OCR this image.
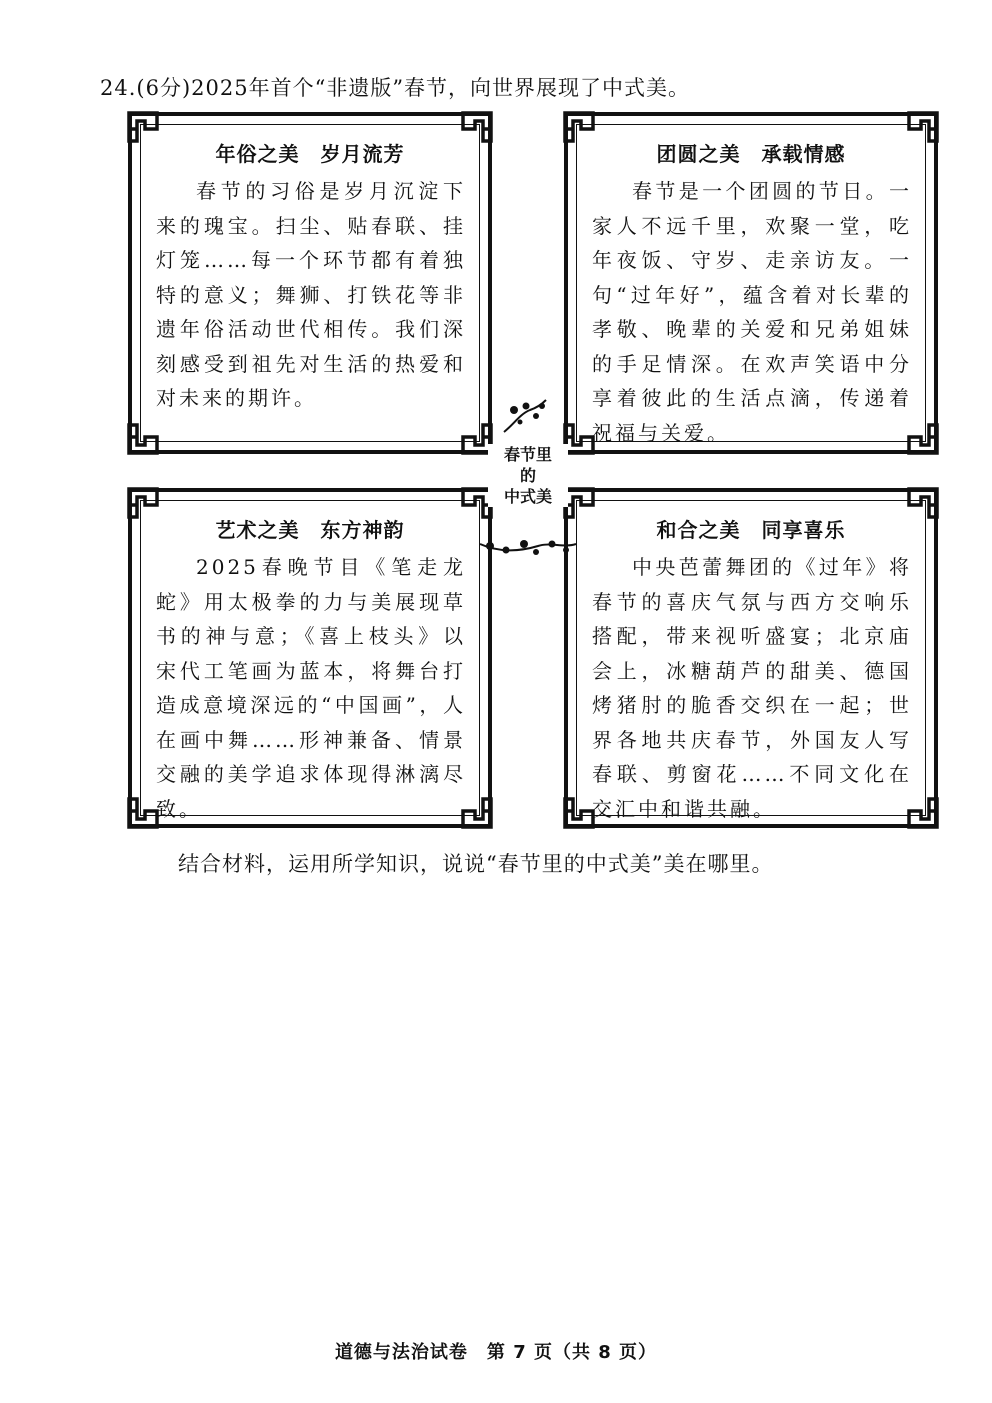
24.(6分)2025年首个“非遗版”春节，向世界展现了中式美。
年俗之美　岁月流芳
春节的习俗是岁月沉淀下来的瑰宝。扫尘、贴春联、挂灯笼……每一个环节都有着独特的意义；舞狮、打铁花等非遗年俗活动世代相传。我们深刻感受到祖先对生活的热爱和对未来的期许。
团圆之美　承载情感
春节是一个团圆的节日。一家人不远千里，欢聚一堂，吃年夜饭、守岁、走亲访友。一句“过年好”，蕴含着对长辈的孝敬、晚辈的关爱和兄弟姐妹的手足情深。在欢声笑语中分享着彼此的生活点滴，传递着祝福与关爱。
艺术之美　东方神韵
2025春晚节目《笔走龙蛇》用太极拳的力与美展现草书的神与意；《喜上枝头》以宋代工笔画为蓝本，将舞台打造成意境深远的“中国画”，人在画中舞……形神兼备、情景交融的美学追求体现得淋漓尽致。
和合之美　同享喜乐
中央芭蕾舞团的《过年》将春节的喜庆气氛与西方交响乐搭配，带来视听盛宴；北京庙会上，冰糖葫芦的甜美、德国烤猪肘的脆香交织在一起；世界各地共庆春节，外国友人写春联、剪窗花……不同文化在交汇中和谐共融。
春节里
的
中式美
结合材料，运用所学知识，说说“春节里的中式美”美在哪里。
道德与法治试卷　第 7 页（共 8 页）
